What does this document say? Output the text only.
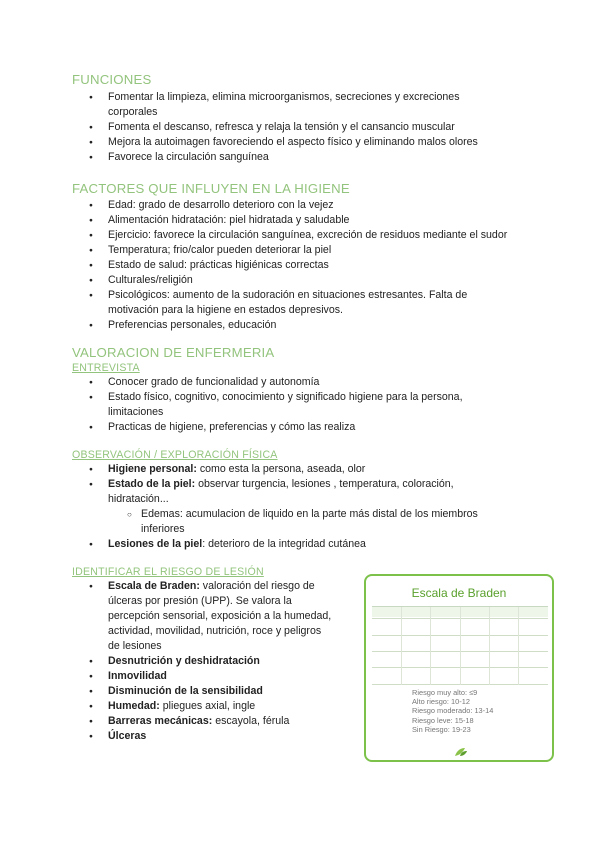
FUNCIONES
● Fomentar la limpieza, elimina microorganismos, secreciones y excreciones
corporales
● Fomenta el descanso, refresca y relaja la tensión y el cansancio muscular
● Mejora la autoimagen favoreciendo el aspecto físico y eliminando malos olores
● Favorece la circulación sanguínea
FACTORES QUE INFLUYEN EN LA HIGIENE
● Edad: grado de desarrollo deterioro con la vejez
● Alimentación hidratación: piel hidratada y saludable
● Ejercicio: favorece la circulación sanguínea, excreción de residuos mediante el sudor
● Temperatura; frio/calor pueden deteriorar la piel
● Estado de salud: prácticas higiénicas correctas
● Culturales/religión
● Psicológicos: aumento de la sudoración en situaciones estresantes. Falta de
motivación para la higiene en estados depresivos.
● Preferencias personales, educación
VALORACION DE ENFERMERIA
ENTREVISTA
● Conocer grado de funcionalidad y autonomía
● Estado físico, cognitivo, conocimiento y significado higiene para la persona,
limitaciones
● Practicas de higiene, preferencias y cómo las realiza
OBSERVACIÓN / EXPLORACIÓN FÍSICA
● Higiene personal: como esta la persona, aseada, olor
● Estado de la piel: observar turgencia, lesiones , temperatura, coloración,
hidratación...
○ Edemas: acumulacion de liquido en la parte más distal de los miembros
inferiores
● Lesiones de la piel: deterioro de la integridad cutánea
IDENTIFICAR EL RIESGO DE LESIÓN
● Escala de Braden: valoración del riesgo de
úlceras por presión (UPP). Se valora la
percepción sensorial, exposición a la humedad,
actividad, movilidad, nutrición, roce y peligros
de lesiones
● Desnutrición y deshidratación
● Inmovilidad
● Disminución de la sensibilidad
● Humedad: pliegues axial, ingle
● Barreras mecánicas: escayola, férula
● Úlceras
Escala de Braden
Riesgo muy alto: ≤9
Alto riesgo: 10-12
Riesgo moderado: 13-14
Riesgo leve: 15-18
Sin Riesgo: 19-23
